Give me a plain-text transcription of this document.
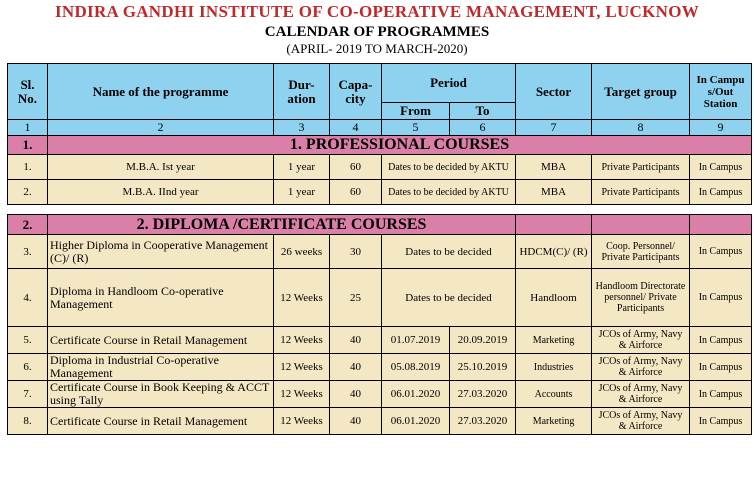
INDIRA GANDHI INSTITUTE OF CO-OPERATIVE MANAGEMENT, LUCKNOW
CALENDAR OF PROGRAMMES
(APRIL- 2019 TO MARCH-2020)
Sl. No.	Name of the programme	Dur-ation	Capa-city	Period		Sector	Target group	In Campu s/Out Station
				From	To			
1	2	3	4	5	6	7	8	9
1.	1. PROFESSIONAL COURSES							
1.	M.B.A. Ist year	1 year	60	Dates to be decided by AKTU		MBA	Private Participants	In Campus
2.	M.B.A. IInd year	1 year	60	Dates to be decided by AKTU		MBA	Private Participants	In Campus

2.	2. DIPLOMA /CERTIFICATE COURSES							
3.	Higher Diploma in Cooperative Management (C)/ (R)	26 weeks	30	Dates to be decided		HDCM(C)/ (R)	Coop. Personnel/ Private Participants	In Campus
4.	Diploma in Handloom Co-operative Management	12 Weeks	25	Dates to be decided		Handloom	Handloom Directorate personnel/ Private Participants	In Campus
5.	Certificate Course in Retail Management	12 Weeks	40	01.07.2019	20.09.2019	Marketing	JCOs of Army, Navy & Airforce	In Campus
6.	Diploma in Industrial Co-operative Management	12 Weeks	40	05.08.2019	25.10.2019	Industries	JCOs of Army, Navy & Airforce	In Campus
7.	Certificate Course in Book Keeping & ACCT using Tally	12 Weeks	40	06.01.2020	27.03.2020	Accounts	JCOs of Army, Navy & Airforce	In Campus
8.	Certificate Course in Retail Management	12 Weeks	40	06.01.2020	27.03.2020	Marketing	JCOs of Army, Navy & Airforce	In Campus
